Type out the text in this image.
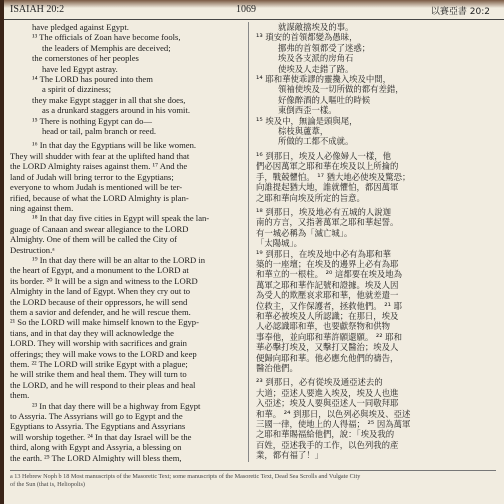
ISAIAH 20:2	1069	以賽亞書 20:2
have pledged against Egypt.
¹³ The officials of Zoan have become fools,
the leaders of Memphis are deceived;
the cornerstones of her peoples
have led Egypt astray.
¹⁴ The LORD has poured into them
a spirit of dizziness;
they make Egypt stagger in all that she does,
as a drunkard staggers around in his vomit.
¹⁵ There is nothing Egypt can do—
head or tail, palm branch or reed.
¹⁶ In that day the Egyptians will be like women.
They will shudder with fear at the uplifted hand that
the LORD Almighty raises against them. ¹⁷ And the
land of Judah will bring terror to the Egyptians;
everyone to whom Judah is mentioned will be ter-
rified, because of what the LORD Almighty is plan-
ning against them.
¹⁸ In that day five cities in Egypt will speak the lan-
guage of Canaan and swear allegiance to the LORD
Almighty. One of them will be called the City of
Destruction.ᵃ
¹⁹ In that day there will be an altar to the LORD in
the heart of Egypt, and a monument to the LORD at
its border. ²⁰ It will be a sign and witness to the LORD
Almighty in the land of Egypt. When they cry out to
the LORD because of their oppressors, he will send
them a savior and defender, and he will rescue them.
²¹ So the LORD will make himself known to the Egyp-
tians, and in that day they will acknowledge the
LORD. They will worship with sacrifices and grain
offerings; they will make vows to the LORD and keep
them. ²² The LORD will strike Egypt with a plague;
he will strike them and heal them. They will turn to
the LORD, and he will respond to their pleas and heal
them.
²³ In that day there will be a highway from Egypt
to Assyria. The Assyrians will go to Egypt and the
Egyptians to Assyria. The Egyptians and Assyrians
will worship together. ²⁴ In that day Israel will be the
third, along with Egypt and Assyria, a blessing on
the earth. ²⁵ The LORD Almighty will bless them,
就謀敵擋埃及的事。
¹³ 瑣安的首領都變為愚昧，
挪弗的首領都受了迷惑；
埃及各支派的房角石
使埃及人走錯了路。
¹⁴ 耶和華使乖謬的靈攙入埃及中間，
領袖使埃及一切所做的都有差錯，
好像醉酒的人嘔吐的時候
東倒西歪一樣。
¹⁵ 埃及中，無論是頭與尾，
棕枝與蘆葦，
所做的工都不成就。
¹⁶ 到那日，埃及人必像婦人一樣，他
們必因萬軍之耶和華在埃及以上所掄的
手，戰兢懼怕。 ¹⁷ 猶大地必使埃及驚恐；
向誰提起猶大地，誰就懼怕，都因萬軍
之耶和華向埃及所定的旨意。
¹⁸ 到那日，埃及地必有五城的人說迦
南的方言，又指著萬軍之耶和華起誓。
有一城必稱為「滅亡城」。
「太陽城」。
¹⁹ 到那日，在埃及地中必有為耶和華
築的一座壇；在埃及的邊界上必有為耶
和華立的一根柱。 ²⁰ 這都要在埃及地為
萬軍之耶和華作記號和證據。埃及人因
為受人的欺壓哀求耶和華，他就差遣一
位救主，又作保護者，拯救他們。 ²¹ 耶
和華必被埃及人所認識；在那日，埃及
人必認識耶和華，也要獻祭物和供物
事奉他，並向耶和華許願還願。 ²² 耶和
華必擊打埃及，又擊打又醫治；埃及人
便歸向耶和華。他必應允他們的禱告，
醫治他們。
²³ 到那日，必有從埃及通亞述去的
大道；亞述人要進入埃及，埃及人也進
入亞述；埃及人要與亞述人一同敬拜耶
和華。 ²⁴ 到那日，以色列必與埃及、亞述
三國一律，使地上的人得福； ²⁵ 因為萬軍
之耶和華賜福給他們，說：「埃及我的
百姓，亞述我手的工作，以色列我的產
業，都有福了！」
a 13 Hebrew Noph b 18 Most manuscripts of the Masoretic Text; some manuscripts of the Masoretic Text, Dead Sea Scrolls and Vulgate City
of the Sun (that is, Heliopolis)
